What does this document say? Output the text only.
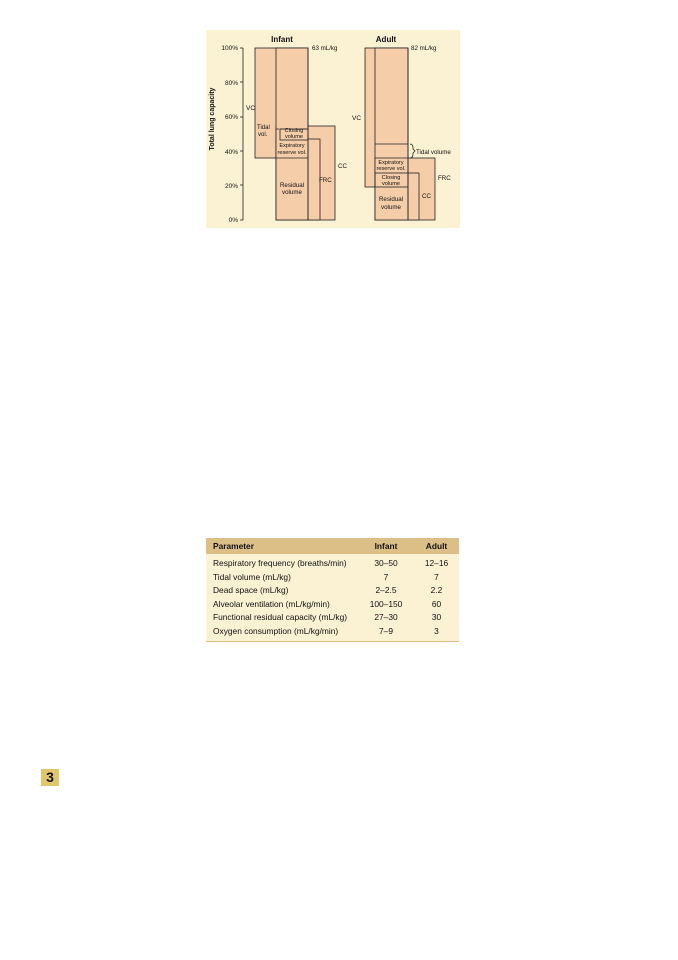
Total lung capacity
100%
80%
60%
40%
20%
0%
Infant
63 mL/kg
VC
Tidal
vol.
Closing
volume
Expiratory
reserve vol.
Residual
volume
FRC
CC
Adult
82 mL/kg
VC
Tidal volume
Expiratory
reserve vol.
Closing
volume
Residual
volume
CC
FRC
Parameter	Infant	Adult
Respiratory frequency (breaths/min)	30–50	12–16
Tidal volume (mL/kg)	7	7
Dead space (mL/kg)	2–2.5	2.2
Alveolar ventilation (mL/kg/min)	100–150	60
Functional residual capacity (mL/kg)	27–30	30
Oxygen consumption (mL/kg/min)	7–9	3

3
